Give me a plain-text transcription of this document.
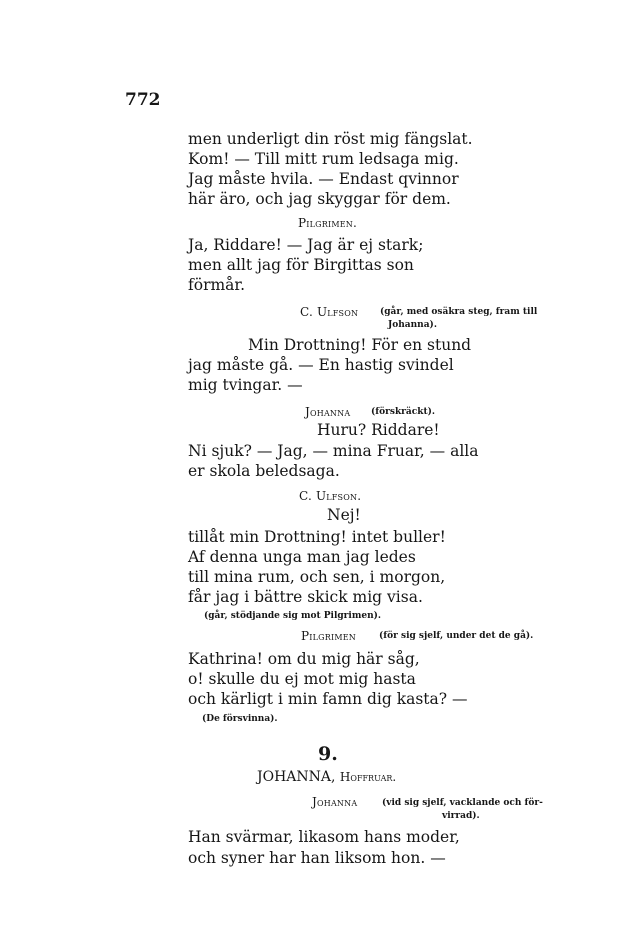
772
men underligt din röst mig fängslat.
Kom! — Till mitt rum ledsaga mig.
Jag måste hvila. — Endast qvinnor
här äro, och jag skyggar för dem.
Pilgrimen.
Ja, Riddare! — Jag är ej stark;
men allt jag för Birgittas son
förmår.
C. Ulfson (går, med osäkra steg, fram till
Johanna).
Min Drottning! För en stund
jag måste gå. — En hastig svindel
mig tvingar. —
Johanna (förskräckt).
Huru? Riddare!
Ni sjuk? — Jag, — mina Fruar, — alla
er skola beledsaga.
C. Ulfson.
Nej!
tillåt min Drottning! intet buller!
Af denna unga man jag ledes
till mina rum, och sen, i morgon,
får jag i bättre skick mig visa.
(går, stödjande sig mot Pilgrimen).
Pilgrimen	(för sig sjelf, under det de gå).
Kathrina! om du mig här såg,
o! skulle du ej mot mig hasta
och kärligt i min famn dig kasta? —
(De försvinna).
9.
JOHANNA, Hoffruar.
Johanna	(vid sig sjelf, vacklande och för-
virrad).
Han svärmar, likasom hans moder,
och syner har han liksom hon. —
